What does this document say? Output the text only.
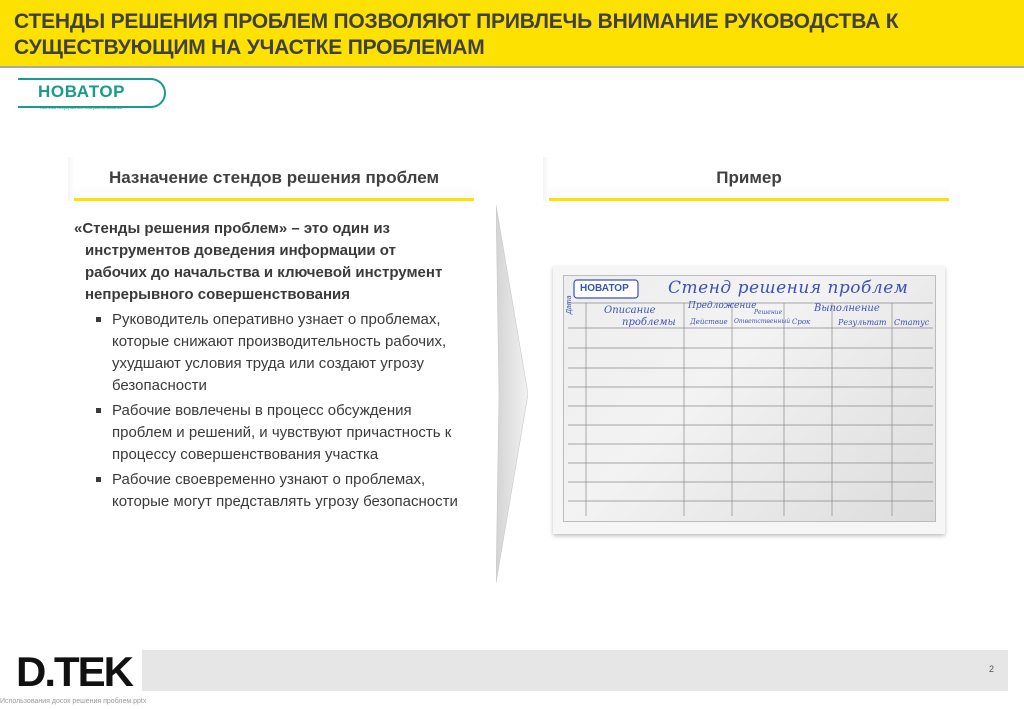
СТЕНДЫ РЕШЕНИЯ ПРОБЛЕМ ПОЗВОЛЯЮТ ПРИВЛЕЧЬ ВНИМАНИЕ РУКОВОДСТВА К
СУЩЕСТВУЮЩИМ НА УЧАСТКЕ ПРОБЛЕМАМ
НОВАТОР
Система непрерывного совершенствования
Назначение стендов решения проблем	Пример

«Стенды решения проблем» – это один из
инструментов доведения информации от
рабочих до начальства и ключевой инструмент
непрерывного совершенствования

Руководитель оперативно узнает о проблемах, которые снижают производительность рабочих, ухудшают условия труда или создают угрозу безопасности
Рабочие вовлечены в процесс обсуждения проблем и решений, и чувствуют причастность к процессу совершенствования участка
Рабочие своевременно узнают о проблемах, которые могут представлять угрозу безопасности
НОВАТОР Стенд решения проблем
Дата	Описание
проблемы
Предложение
Решение
Действие Ответственный Срок
Выполнение
Результат Статус
2
D.TEK
Использования досок решения проблем.pptx
